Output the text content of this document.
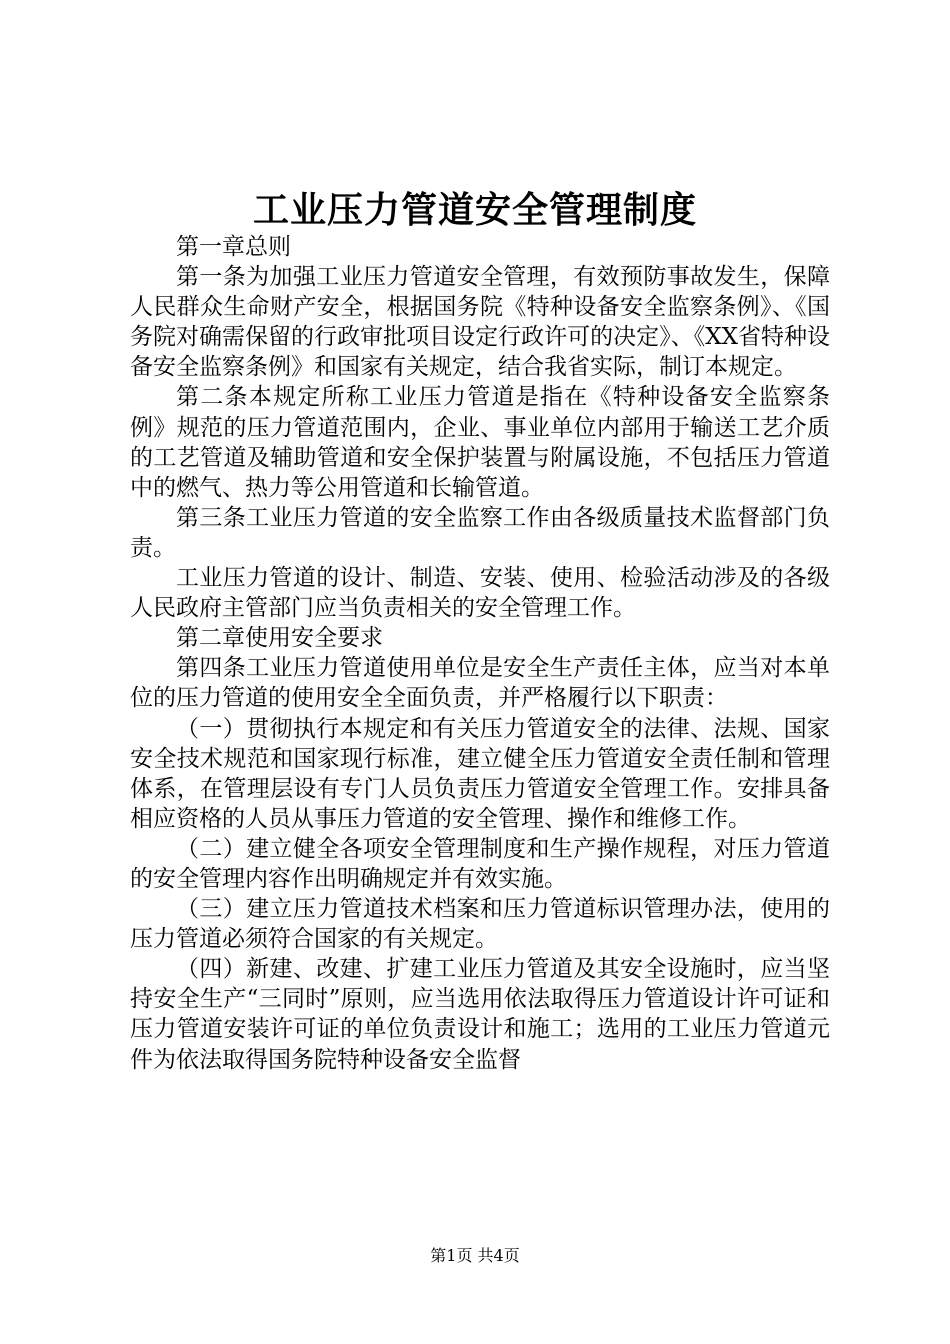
工业压力管道安全管理制度

第一章总则

第一条为加强工业压力管道安全管理，有效预防事故发生，保障人民群众生命财产安全，根据国务院《特种设备安全监察条例》、《国务院对确需保留的行政审批项目设定行政许可的决定》、《XX省特种设备安全监察条例》和国家有关规定，结合我省实际，制订本规定。

第二条本规定所称工业压力管道是指在《特种设备安全监察条例》规范的压力管道范围内，企业、事业单位内部用于输送工艺介质的工艺管道及辅助管道和安全保护装置与附属设施，不包括压力管道中的燃气、热力等公用管道和长输管道。

第三条工业压力管道的安全监察工作由各级质量技术监督部门负责。

工业压力管道的设计、制造、安装、使用、检验活动涉及的各级人民政府主管部门应当负责相关的安全管理工作。

第二章使用安全要求

第四条工业压力管道使用单位是安全生产责任主体，应当对本单位的压力管道的使用安全全面负责，并严格履行以下职责：

（一）贯彻执行本规定和有关压力管道安全的法律、法规、国家安全技术规范和国家现行标准，建立健全压力管道安全责任制和管理体系，在管理层设有专门人员负责压力管道安全管理工作。安排具备相应资格的人员从事压力管道的安全管理、操作和维修工作。

（二）建立健全各项安全管理制度和生产操作规程，对压力管道的安全管理内容作出明确规定并有效实施。

（三）建立压力管道技术档案和压力管道标识管理办法，使用的压力管道必须符合国家的有关规定。

（四）新建、改建、扩建工业压力管道及其安全设施时，应当坚持安全生产“三同时”原则，应当选用依法取得压力管道设计许可证和压力管道安装许可证的单位负责设计和施工；选用的工业压力管道元件为依法取得国务院特种设备安全监督

第1页 共4页
